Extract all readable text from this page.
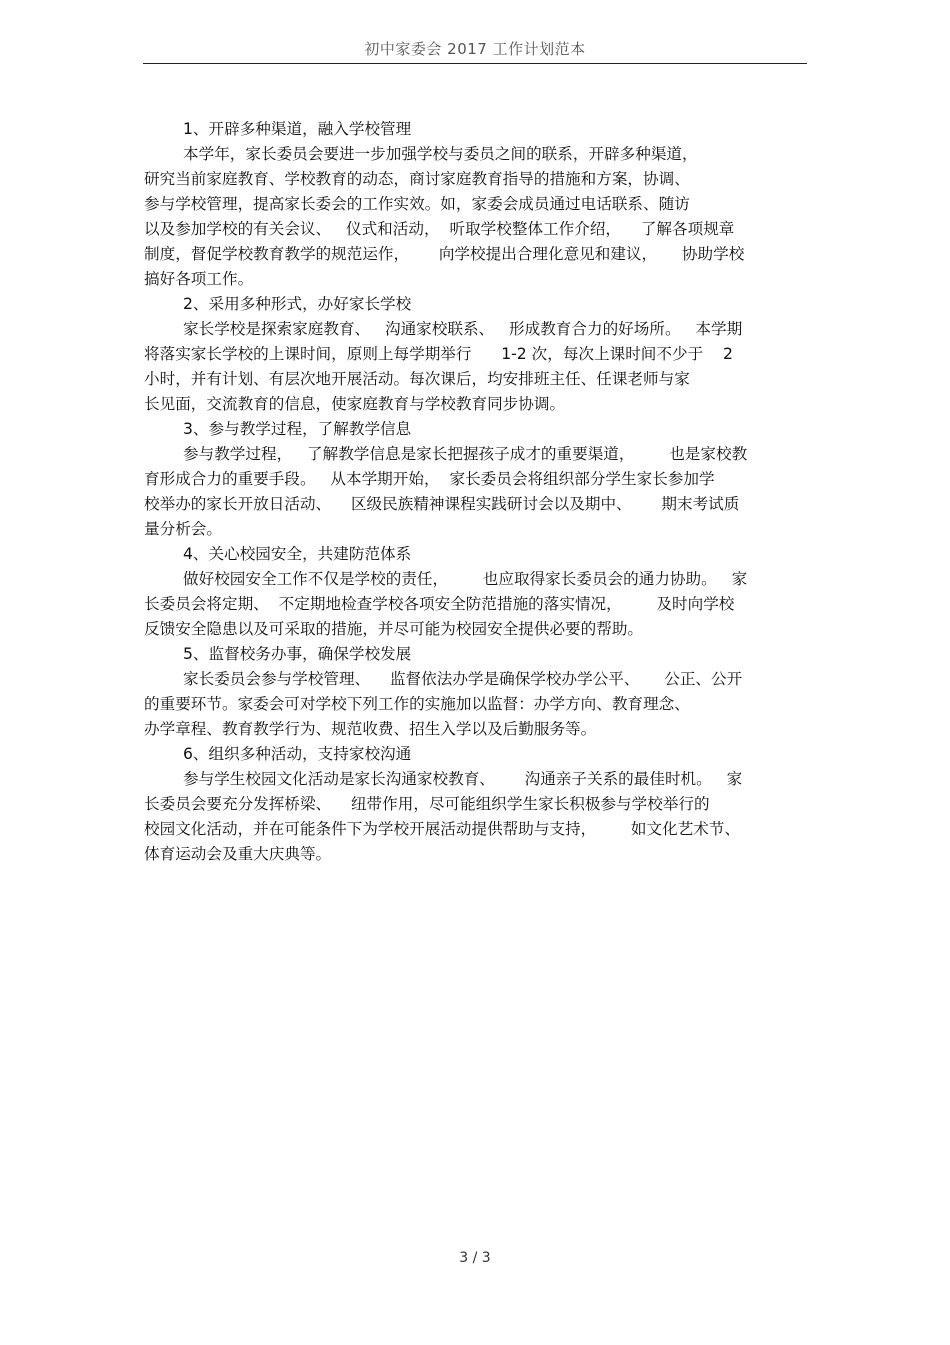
初中家委会 2017 工作计划范本
1、开辟多种渠道，融入学校管理
本学年，家长委员会要进一步加强学校与委员之间的联系，开辟多种渠道，
研究当前家庭教育、学校教育的动态，商讨家庭教育指导的措施和方案，协调、
参与学校管理，提高家长委会的工作实效。如，家委会成员通过电话联系、随访
以及参加学校的有关会议、   仪式和活动，  听取学校整体工作介绍，    了解各项规章
制度，督促学校教育教学的规范运作，      向学校提出合理化意见和建议，     协助学校
搞好各项工作。
2、采用多种形式，办好家长学校
家长学校是探索家庭教育、   沟通家校联系、   形成教育合力的好场所。   本学期
将落实家长学校的上课时间，原则上每学期举行      1-2 次，每次上课时间不少于    2
小时，并有计划、有层次地开展活动。每次课后，均安排班主任、任课老师与家
长见面，交流教育的信息，使家庭教育与学校教育同步协调。
3、参与教学过程，了解教学信息
参与教学过程，   了解教学信息是家长把握孩子成才的重要渠道，       也是家校教
育形成合力的重要手段。   从本学期开始，  家长委员会将组织部分学生家长参加学
校举办的家长开放日活动、    区级民族精神课程实践研讨会以及期中、      期末考试质
量分析会。
4、关心校园安全，共建防范体系
做好校园安全工作不仅是学校的责任，       也应取得家长委员会的通力协助。   家
长委员会将定期、  不定期地检查学校各项安全防范措施的落实情况，       及时向学校
反馈安全隐患以及可采取的措施，并尽可能为校园安全提供必要的帮助。
5、监督校务办事，确保学校发展
家长委员会参与学校管理、    监督依法办学是确保学校办学公平、     公正、公开
的重要环节。家委会可对学校下列工作的实施加以监督：办学方向、教育理念、
办学章程、教育教学行为、规范收费、招生入学以及后勤服务等。
6、组织多种活动，支持家校沟通
参与学生校园文化活动是家长沟通家校教育、      沟通亲子关系的最佳时机。   家
长委员会要充分发挥桥梁、    纽带作用，尽可能组织学生家长积极参与学校举行的
校园文化活动，并在可能条件下为学校开展活动提供帮助与支持，       如文化艺术节、
体育运动会及重大庆典等。
3 / 3
